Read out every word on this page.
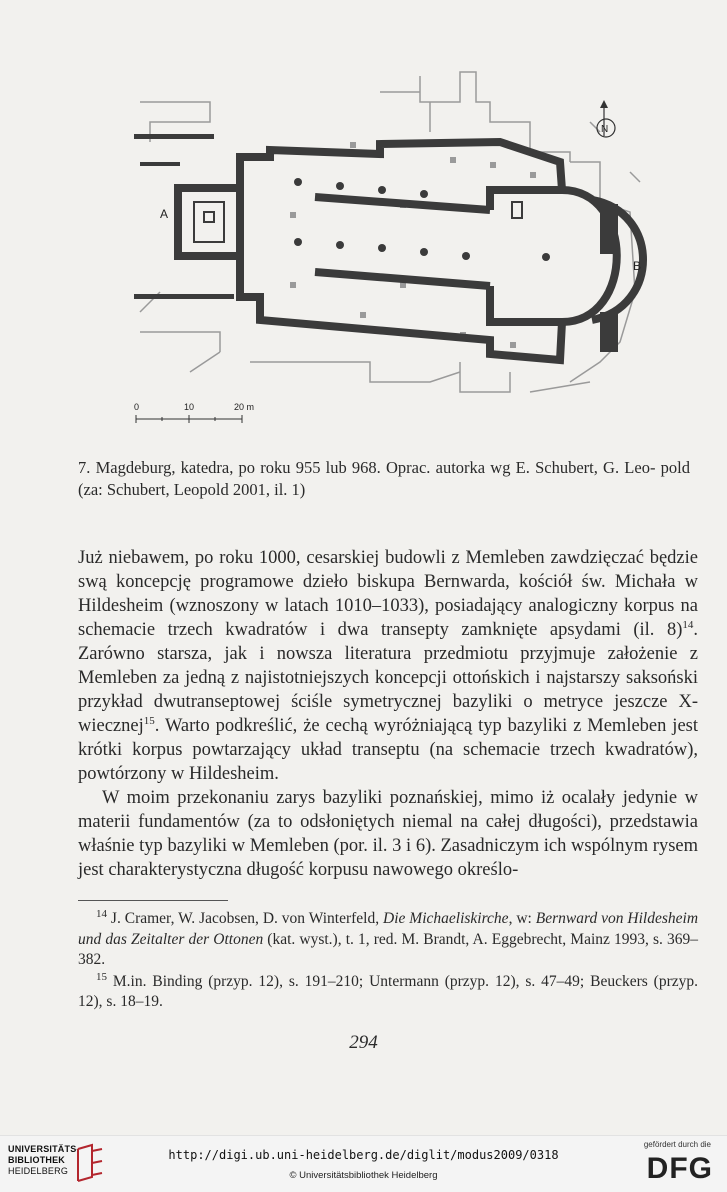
N
A
B
0	10	20 m
7. Magdeburg, katedra, po roku 955 lub 968. Oprac. autorka wg E. Schubert, G. Leo- pold (za: Schubert, Leopold 2001, il. 1)

Już niebawem, po roku 1000, cesarskiej budowli z Memleben zawdzięczać będzie swą koncepcję programowe dzieło biskupa Bernwarda, kościół św. Michała w Hildesheim (wznoszony w latach 1010–1033), posiadający analogiczny korpus na schemacie trzech kwadratów i dwa transepty zamknięte apsydami (il. 8)$^{14}$. Zarówno starsza, jak i nowsza literatura przedmiotu przyjmuje założenie z Memleben za jedną z najistotniejszych koncepcji ottońskich i najstarszy saksoński przykład dwutranseptowej ściśle symetrycznej bazyliki o metryce jeszcze X-wiecznej$^{15}$. Warto podkreślić, że cechą wyróżniającą typ bazyliki z Memleben jest krótki korpus powtarzający układ transeptu (na schemacie trzech kwadratów), powtórzony w Hildesheim.

W moim przekonaniu zarys bazyliki poznańskiej, mimo iż ocalały jedynie w materii fundamentów (za to odsłoniętych niemal na całej długości), przedstawia właśnie typ bazyliki w Memleben (por. il. 3 i 6). Zasadniczym ich wspólnym rysem jest charakterystyczna długość korpusu nawowego określo-

$^{14}$ J. Cramer, W. Jacobsen, D. von Winterfeld, Die Michaeliskirche, w: Bernward von Hildesheim und das Zeitalter der Ottonen (kat. wyst.), t. 1, red. M. Brandt, A. Eggebrecht, Mainz 1993, s. 369–382.

$^{15}$ M.in. Binding (przyp. 12), s. 191–210; Untermann (przyp. 12), s. 47–49; Beuckers (przyp. 12), s. 18–19.

294
UNIVERSITÄTS-
BIBLIOTHEK
HEIDELBERG
http://digi.ub.uni-heidelberg.de/diglit/modus2009/0318
© Universitätsbibliothek Heidelberg
gefördert durch die
DFG
